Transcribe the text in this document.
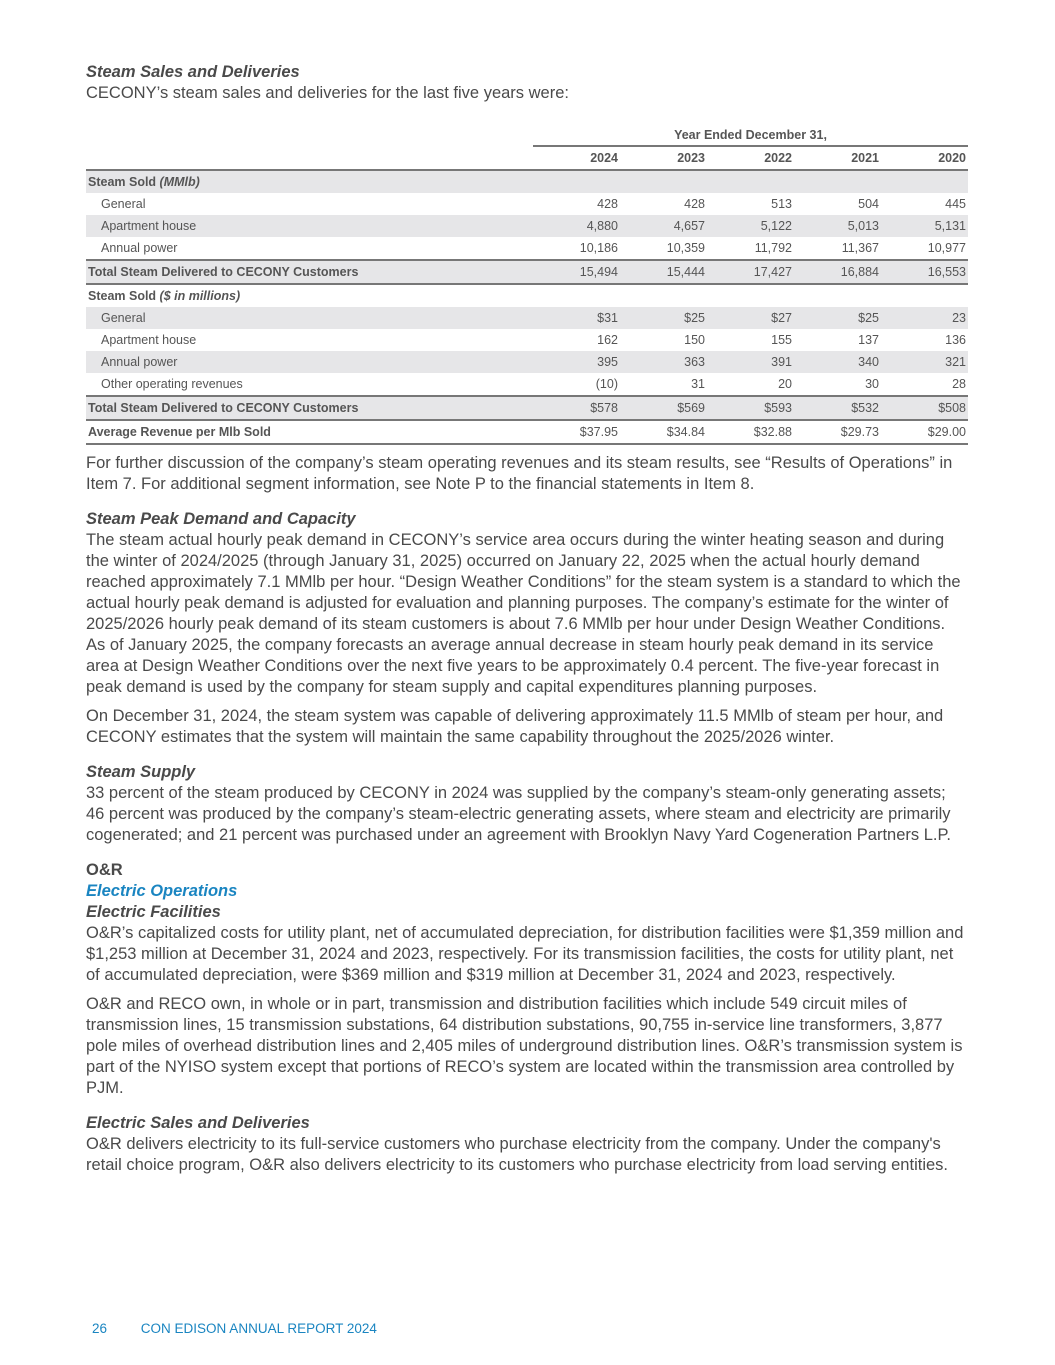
Steam Sales and Deliveries

CECONY’s steam sales and deliveries for the last five years were:

	Year Ended December 31,				
	2024	2023	2022	2021	2020
Steam Sold (MMlb)					
General	428	428	513	504	445
Apartment house	4,880	4,657	5,122	5,013	5,131
Annual power	10,186	10,359	11,792	11,367	10,977
Total Steam Delivered to CECONY Customers	15,494	15,444	17,427	16,884	16,553
Steam Sold ($ in millions)					
General	$31	$25	$27	$25	23
Apartment house	162	150	155	137	136
Annual power	395	363	391	340	321
Other operating revenues	(10)	31	20	30	28
Total Steam Delivered to CECONY Customers	$578	$569	$593	$532	$508
Average Revenue per Mlb Sold	$37.95	$34.84	$32.88	$29.73	$29.00

For further discussion of the company’s steam operating revenues and its steam results, see “Results of Operations” in Item 7. For additional segment information, see Note P to the financial statements in Item 8.

Steam Peak Demand and Capacity

The steam actual hourly peak demand in CECONY’s service area occurs during the winter heating season and during the winter of 2024/2025 (through January 31, 2025) occurred on January 22, 2025 when the actual hourly demand reached approximately 7.1 MMlb per hour. “Design Weather Conditions” for the steam system is a standard to which the actual hourly peak demand is adjusted for evaluation and planning purposes. The company’s estimate for the winter of 2025/2026 hourly peak demand of its steam customers is about 7.6 MMlb per hour under Design Weather Conditions. As of January 2025, the company forecasts an average annual decrease in steam hourly peak demand in its service area at Design Weather Conditions over the next five years to be approximately 0.4 percent. The five-year forecast in peak demand is used by the company for steam supply and capital expenditures planning purposes.

On December 31, 2024, the steam system was capable of delivering approximately 11.5 MMlb of steam per hour, and CECONY estimates that the system will maintain the same capability throughout the 2025/2026 winter.

Steam Supply

33 percent of the steam produced by CECONY in 2024 was supplied by the company’s steam-only generating assets; 46 percent was produced by the company’s steam-electric generating assets, where steam and electricity are primarily cogenerated; and 21 percent was purchased under an agreement with Brooklyn Navy Yard Cogeneration Partners L.P.

O&R
Electric Operations
Electric Facilities

O&R’s capitalized costs for utility plant, net of accumulated depreciation, for distribution facilities were $1,359 million and $1,253 million at December 31, 2024 and 2023, respectively. For its transmission facilities, the costs for utility plant, net of accumulated depreciation, were $369 million and $319 million at December 31, 2024 and 2023, respectively.

O&R and RECO own, in whole or in part, transmission and distribution facilities which include 549 circuit miles of transmission lines, 15 transmission substations, 64 distribution substations, 90,755 in-service line transformers, 3,877 pole miles of overhead distribution lines and 2,405 miles of underground distribution lines. O&R’s transmission system is part of the NYISO system except that portions of RECO’s system are located within the transmission area controlled by PJM.

Electric Sales and Deliveries

O&R delivers electricity to its full-service customers who purchase electricity from the company. Under the company's retail choice program, O&R also delivers electricity to its customers who purchase electricity from load serving entities.

26	CON EDISON ANNUAL REPORT 2024
